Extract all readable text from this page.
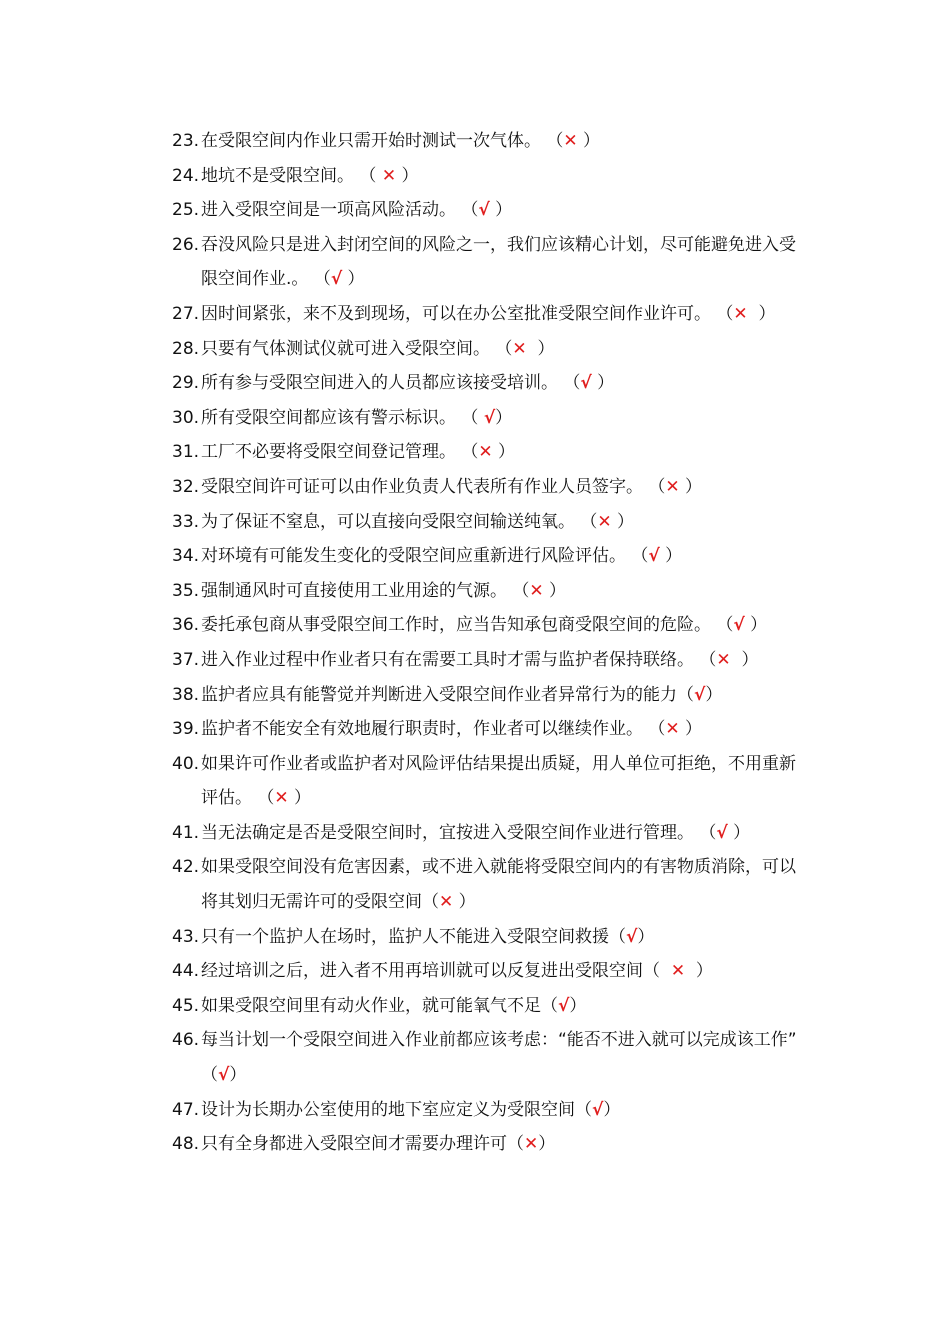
23. 在受限空间内作业只需开始时测试一次气体。 （✕ ）
24. 地坑不是受限空间。 （ ✕ ）
25. 进入受限空间是一项高风险活动。 （√ ）
26. 吞没风险只是进入封闭空间的风险之一，我们应该精心计划，尽可能避免进入受限空间作业.。 （√ ）
27. 因时间紧张，来不及到现场，可以在办公室批准受限空间作业许可。 （✕  ）
28. 只要有气体测试仪就可进入受限空间。 （✕  ）
29. 所有参与受限空间进入的人员都应该接受培训。 （√ ）
30. 所有受限空间都应该有警示标识。 （ √）
31. 工厂不必要将受限空间登记管理。 （✕ ）
32. 受限空间许可证可以由作业负责人代表所有作业人员签字。 （✕ ）
33. 为了保证不窒息，可以直接向受限空间输送纯氧。 （✕ ）
34. 对环境有可能发生变化的受限空间应重新进行风险评估。 （√ ）
35. 强制通风时可直接使用工业用途的气源。 （✕ ）
36. 委托承包商从事受限空间工作时，应当告知承包商受限空间的危险。 （√ ）
37. 进入作业过程中作业者只有在需要工具时才需与监护者保持联络。 （✕  ）
38. 监护者应具有能警觉并判断进入受限空间作业者异常行为的能力（√）
39. 监护者不能安全有效地履行职责时，作业者可以继续作业。 （✕ ）
40. 如果许可作业者或监护者对风险评估结果提出质疑，用人单位可拒绝，不用重新评估。 （✕ ）
41. 当无法确定是否是受限空间时，宜按进入受限空间作业进行管理。 （√ ）
42. 如果受限空间没有危害因素，或不进入就能将受限空间内的有害物质消除，可以将其划归无需许可的受限空间（✕ ）
43. 只有一个监护人在场时，监护人不能进入受限空间救援（√）
44. 经过培训之后，进入者不用再培训就可以反复进出受限空间（  ✕  ）
45. 如果受限空间里有动火作业，就可能氧气不足（√）
46. 每当计划一个受限空间进入作业前都应该考虑：“能否不进入就可以完成该工作” （√）
47. 设计为长期办公室使用的地下室应定义为受限空间（√）
48. 只有全身都进入受限空间才需要办理许可（✕）
